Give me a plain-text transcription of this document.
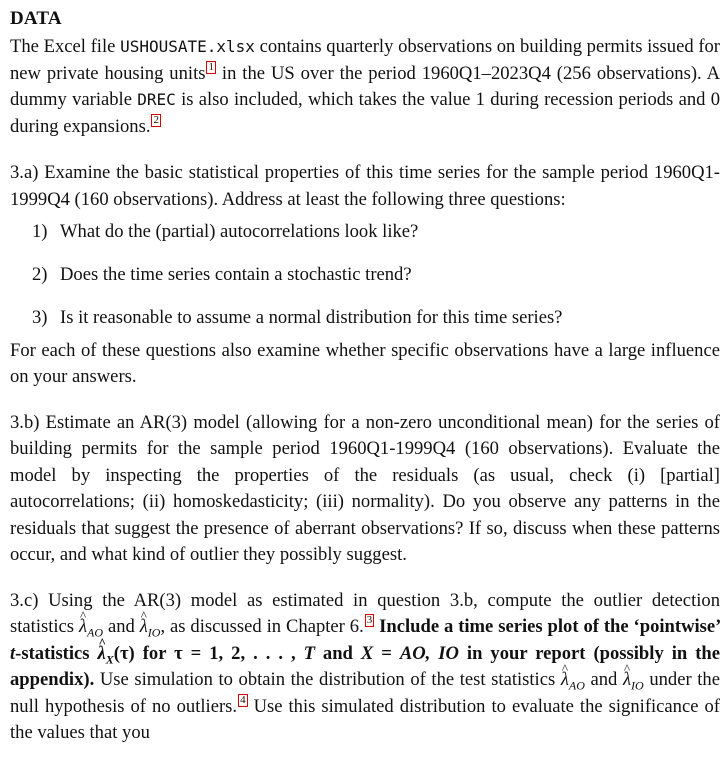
DATA

The Excel file USHOUSATE.xlsx contains quarterly observations on building permits issued for new private housing units 1 in the US over the period 1960Q1–2023Q4 (256 observations). A dummy variable DREC is also included, which takes the value 1 during recession periods and 0 during expansions. 2

3.a) Examine the basic statistical properties of this time series for the sample period 1960Q1-1999Q4 (160 observations). Address at least the following three questions:

1) What do the (partial) autocorrelations look like?
2) Does the time series contain a stochastic trend?
3) Is it reasonable to assume a normal distribution for this time series?

For each of these questions also examine whether specific observations have a large influence on your answers.

3.b) Estimate an AR(3) model (allowing for a non-zero unconditional mean) for the series of building permits for the sample period 1960Q1-1999Q4 (160 observations). Evaluate the model by inspecting the properties of the residuals (as usual, check (i) [partial] autocorrelations; (ii) homoskedasticity; (iii) normality). Do you observe any patterns in the residuals that suggest the presence of aberrant observations? If so, discuss when these patterns occur, and what kind of outlier they possibly suggest.

3.c) Using the AR(3) model as estimated in question 3.b, compute the outlier detection statistics ^ $\lambda_{AO}$ and ^ $\lambda_{IO}$, as discussed in Chapter 6. 3 Include a time series plot of the ‘pointwise’ t-statistics ^ $\lambda_X(\tau)$ for τ = 1, 2, . . . , T and X = AO, IO in your report (possibly in the appendix). Use simulation to obtain the distribution of the test statistics ^ $\lambda_{AO}$ and ^ $\lambda_{IO}$ under the null hypothesis of no outliers. 4 Use this simulated distribution to evaluate the significance of the values that you
